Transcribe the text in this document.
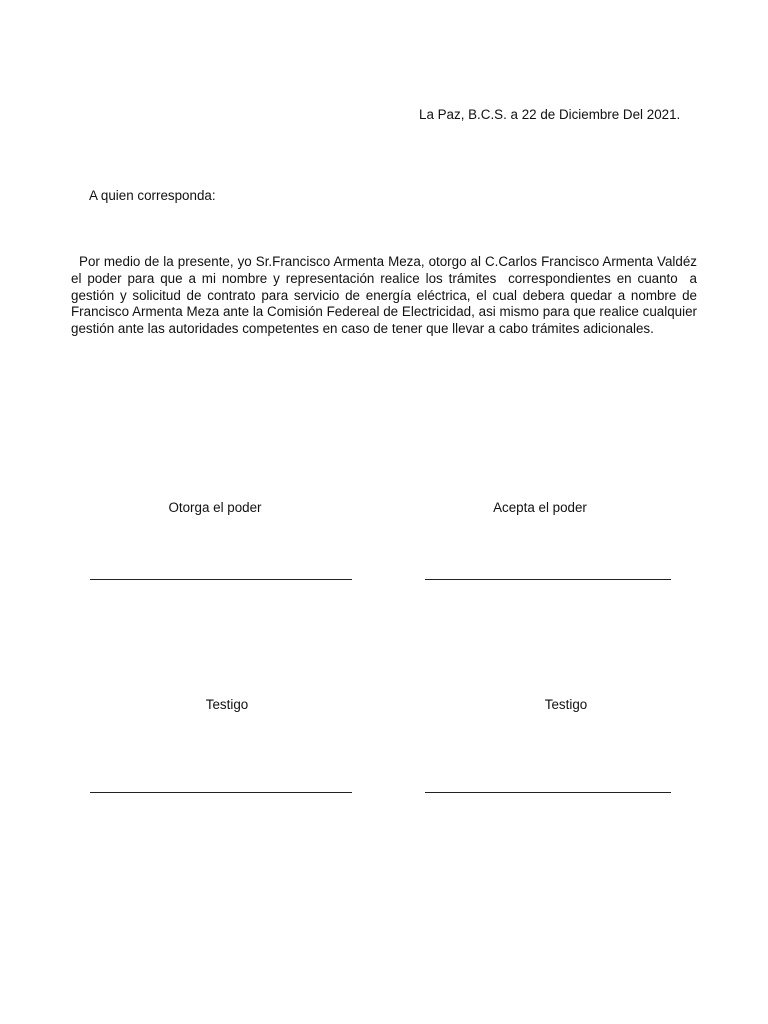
La Paz, B.C.S. a 22 de Diciembre Del 2021.
A quien corresponda:
Por medio de la presente, yo Sr.Francisco Armenta Meza, otorgo al C.Carlos Francisco Armenta Valdéz el poder para que a mi nombre y representación realice los trámites  correspondientes en cuanto  a gestión y solicitud de contrato para servicio de energía eléctrica, el cual debera quedar a nombre de Francisco Armenta Meza ante la Comisión Federeal de Electricidad, asi mismo para que realice cualquier gestión ante las autoridades competentes en caso de tener que llevar a cabo trámites adicionales.
Otorga el poder	Acepta el poder
Testigo	Testigo
